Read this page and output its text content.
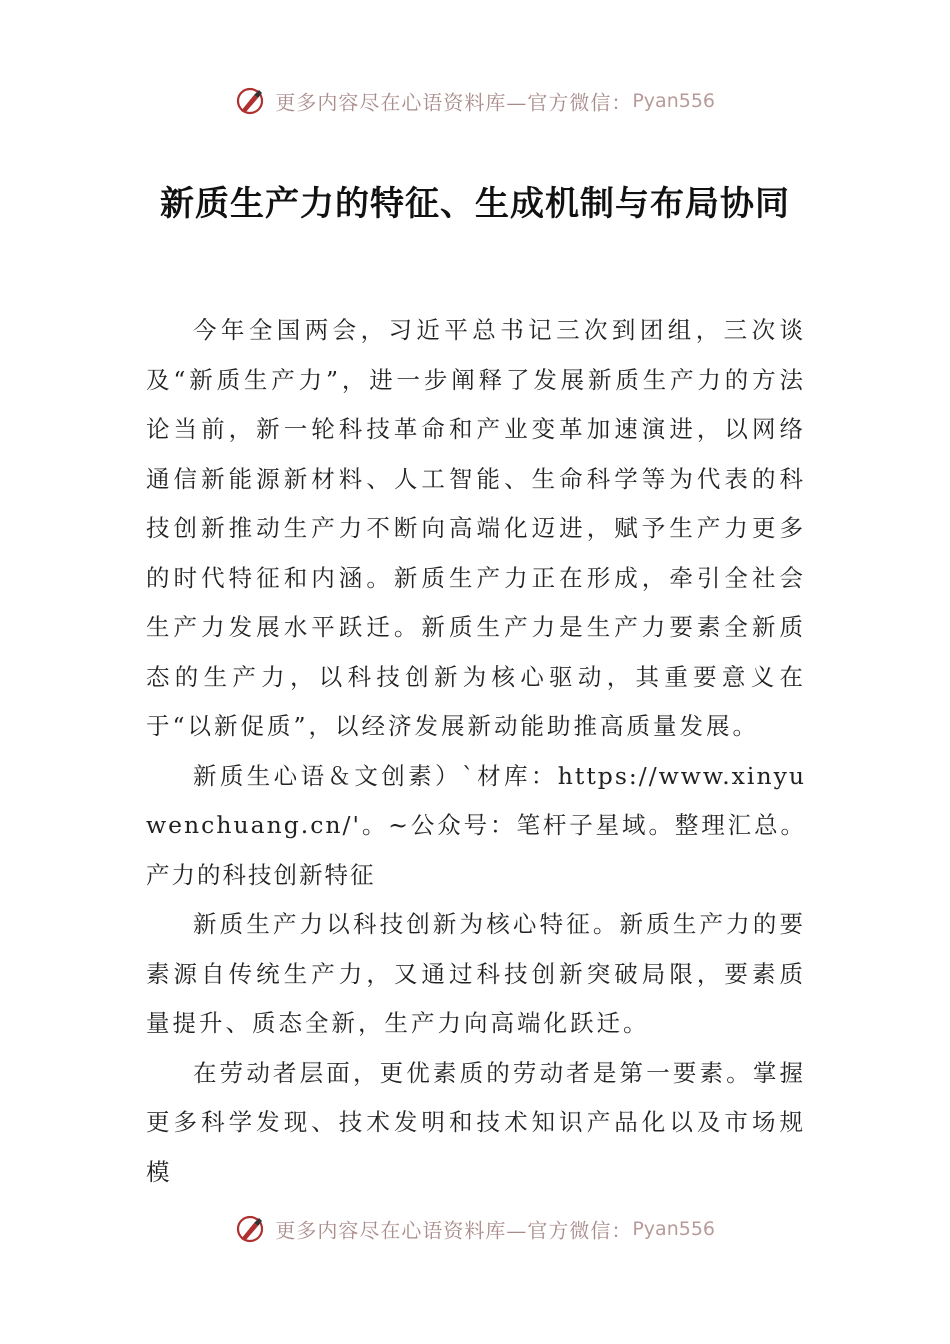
更多内容尽在心语资料库—官方微信：Pyan556
新质生产力的特征、生成机制与布局协同

今年全国两会，习近平总书记三次到团组，三次谈及“新质生产力”，进一步阐释了发展新质生产力的方法论当前，新一轮科技革命和产业变革加速演进，以网络通信新能源新材料、人工智能、生命科学等为代表的科技创新推动生产力不断向高端化迈进，赋予生产力更多的时代特征和内涵。新质生产力正在形成，牵引全社会生产力发展水平跃迁。新质生产力是生产力要素全新质态的生产力，以科技创新为核心驱动，其重要意义在于“以新促质”，以经济发展新动能助推高质量发展。

新质生心语＆文创素）`材库：https://www.xinyuwenchuang.cn/'。~公众号：笔杆子星域。整理汇总。产力的科技创新特征

新质生产力以科技创新为核心特征。新质生产力的要素源自传统生产力，又通过科技创新突破局限，要素质量提升、质态全新，生产力向高端化跃迁。

在劳动者层面，更优素质的劳动者是第一要素。掌握更多科学发现、技术发明和技术知识产品化以及市场规模

更多内容尽在心语资料库—官方微信：Pyan556
